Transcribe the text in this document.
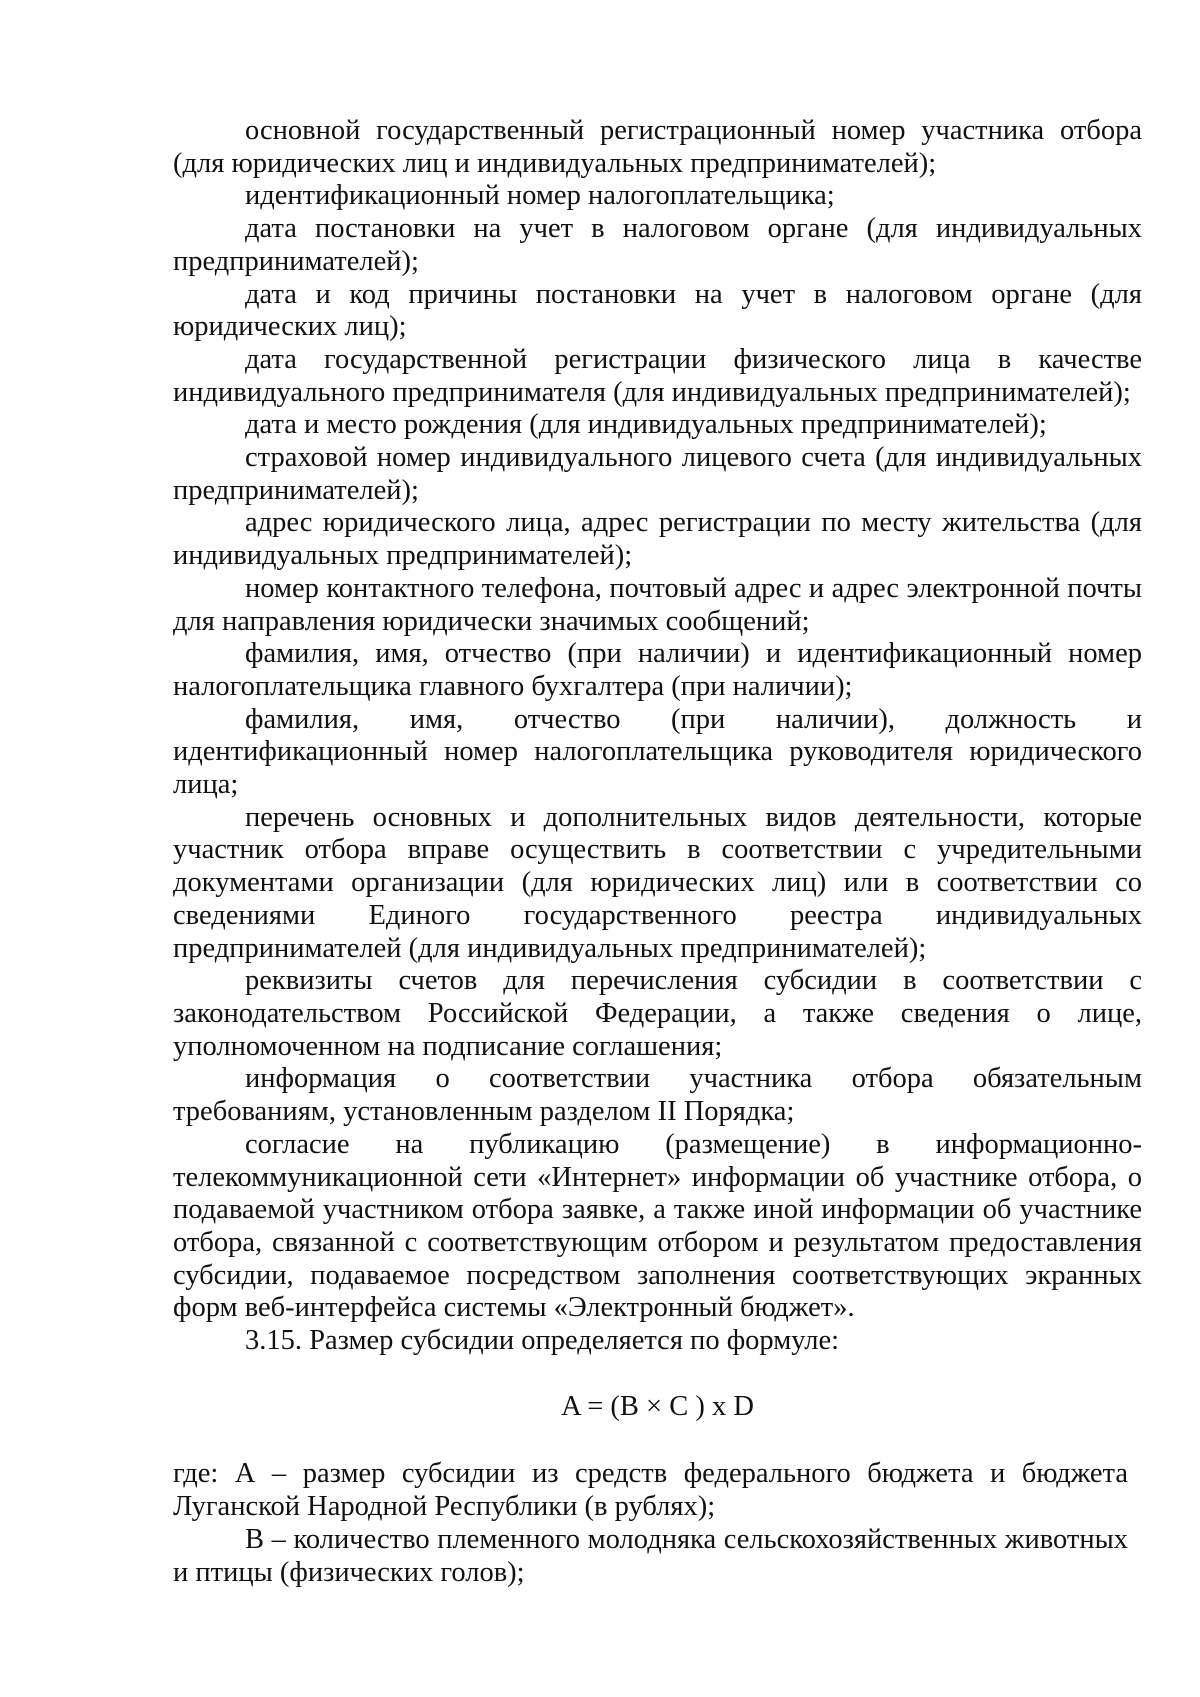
основной государственный регистрационный номер участника отбора (для юридических лиц и индивидуальных предпринимателей);

идентификационный номер налогоплательщика;

дата постановки на учет в налоговом органе (для индивидуальных предпринимателей);

дата и код причины постановки на учет в налоговом органе (для юридических лиц);

дата государственной регистрации физического лица в качестве индивидуального предпринимателя (для индивидуальных предпринимателей);

дата и место рождения (для индивидуальных предпринимателей);

страховой номер индивидуального лицевого счета (для индивидуальных предпринимателей);

адрес юридического лица, адрес регистрации по месту жительства (для индивидуальных предпринимателей);

номер контактного телефона, почтовый адрес и адрес электронной почты для направления юридически значимых сообщений;

фамилия, имя, отчество (при наличии) и идентификационный номер налогоплательщика главного бухгалтера (при наличии);

фамилия, имя, отчество (при наличии), должность и идентификационный номер налогоплательщика руководителя юридического лица;

перечень основных и дополнительных видов деятельности, которые участник отбора вправе осуществить в соответствии с учредительными документами организации (для юридических лиц) или в соответствии со сведениями Единого государственного реестра индивидуальных предпринимателей (для индивидуальных предпринимателей);

реквизиты счетов для перечисления субсидии в соответствии с законодательством Российской Федерации, а также сведения о лице, уполномоченном на подписание соглашения;

информация о соответствии участника отбора обязательным требованиям, установленным разделом II Порядка;

согласие на публикацию (размещение) в информационно-телекоммуникационной сети «Интернет» информации об участнике отбора, о подаваемой участником отбора заявке, а также иной информации об участнике отбора, связанной с соответствующим отбором и результатом предоставления субсидии, подаваемое посредством заполнения соответствующих экранных форм веб-интерфейса системы «Электронный бюджет».

3.15. Размер субсидии определяется по формуле:

A = (B × C ) x D

где: А – размер субсидии из средств федерального бюджета и бюджета Луганской Народной Республики (в рублях);

В – количество племенного молодняка сельскохозяйственных животных и птицы (физических голов);
